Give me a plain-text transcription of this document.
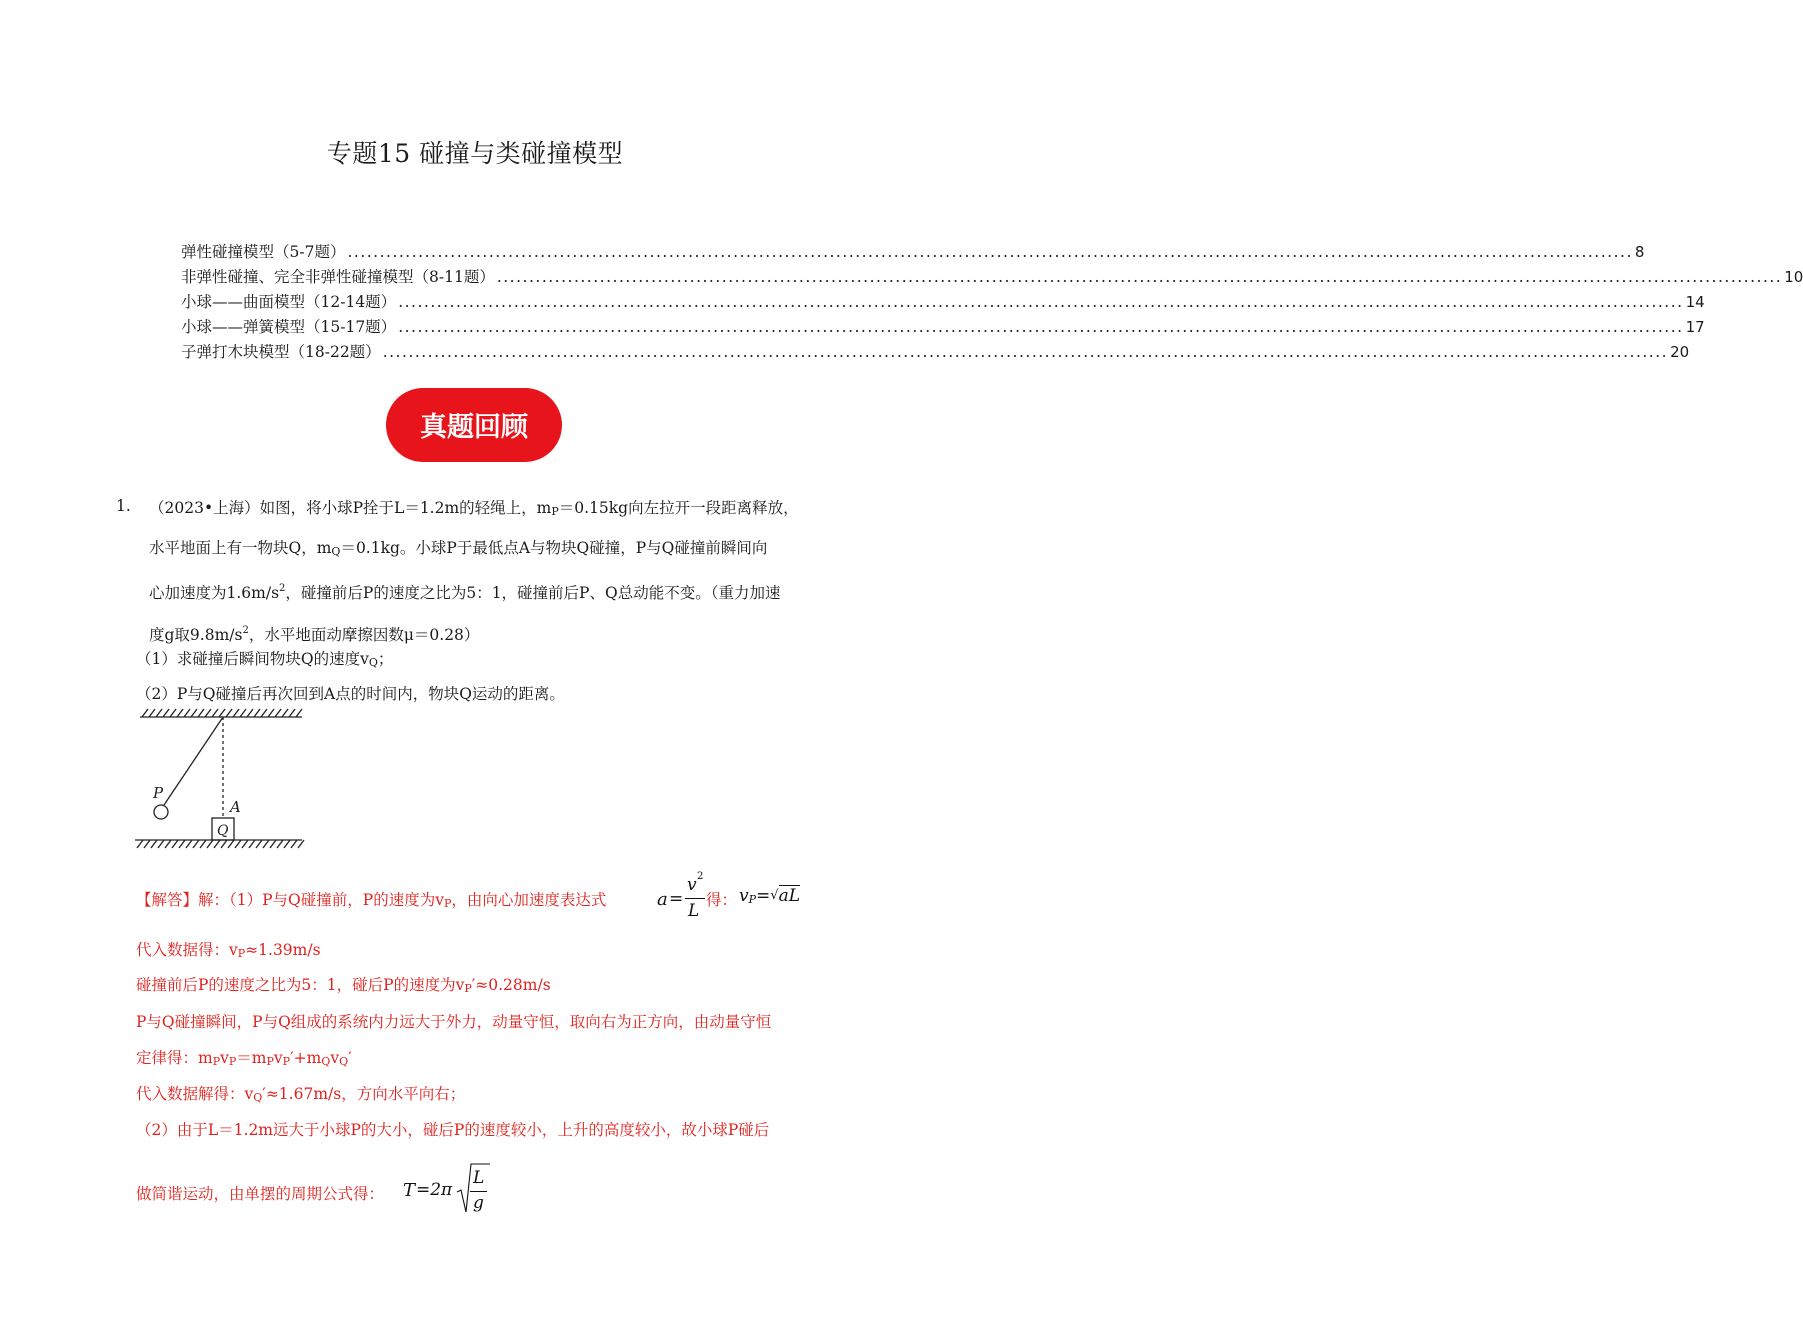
专题15 碰撞与类碰撞模型
弹性碰撞模型（5-7题） ........................................................................................................................................................................................................ 8
非弹性碰撞、完全非弹性碰撞模型（8-11题） ........................................................................................................................................................................................................ 10
小球——曲面模型（12-14题） ........................................................................................................................................................................................................ 14
小球——弹簧模型（15-17题） ........................................................................................................................................................................................................ 17
子弹打木块模型（18-22题） ........................................................................................................................................................................................................ 20
真题回顾
1. （2023•上海）如图，将小球P拴于L＝1.2m的轻绳上，mP＝0.15kg向左拉开一段距离释放，
水平地面上有一物块Q，mQ＝0.1kg。小球P于最低点A与物块Q碰撞，P与Q碰撞前瞬间向
心加速度为$1.6m/s^2$，碰撞前后P的速度之比为5：1，碰撞前后P、Q总动能不变。（重力加速
度g取$9.8m/s^2$，水平地面动摩擦因数μ＝0.28）
（1）求碰撞后瞬间物块Q的速度vQ；
（2）P与Q碰撞后再次回到A点的时间内，物块Q运动的距离。
P
A
Q
【解答】解：（1）P与Q碰撞前，P的速度为vP，由向心加速度表达式	a =
v 2
L
得： vP=√aL
代入数据得：vP≈1.39m/s
碰撞前后P的速度之比为5：1，碰后P的速度为vP′≈0.28m/s
P与Q碰撞瞬间，P与Q组成的系统内力远大于外力，动量守恒，取向右为正方向，由动量守恒
定律得：mPvP＝mPvP′+mQvQ′
代入数据解得：vQ′≈1.67m/s，方向水平向右；
（2）由于L＝1.2m远大于小球P的大小，碰后P的速度较小，上升的高度较小，故小球P碰后
做简谐运动，由单摆的周期公式得： T =2π
L
g
